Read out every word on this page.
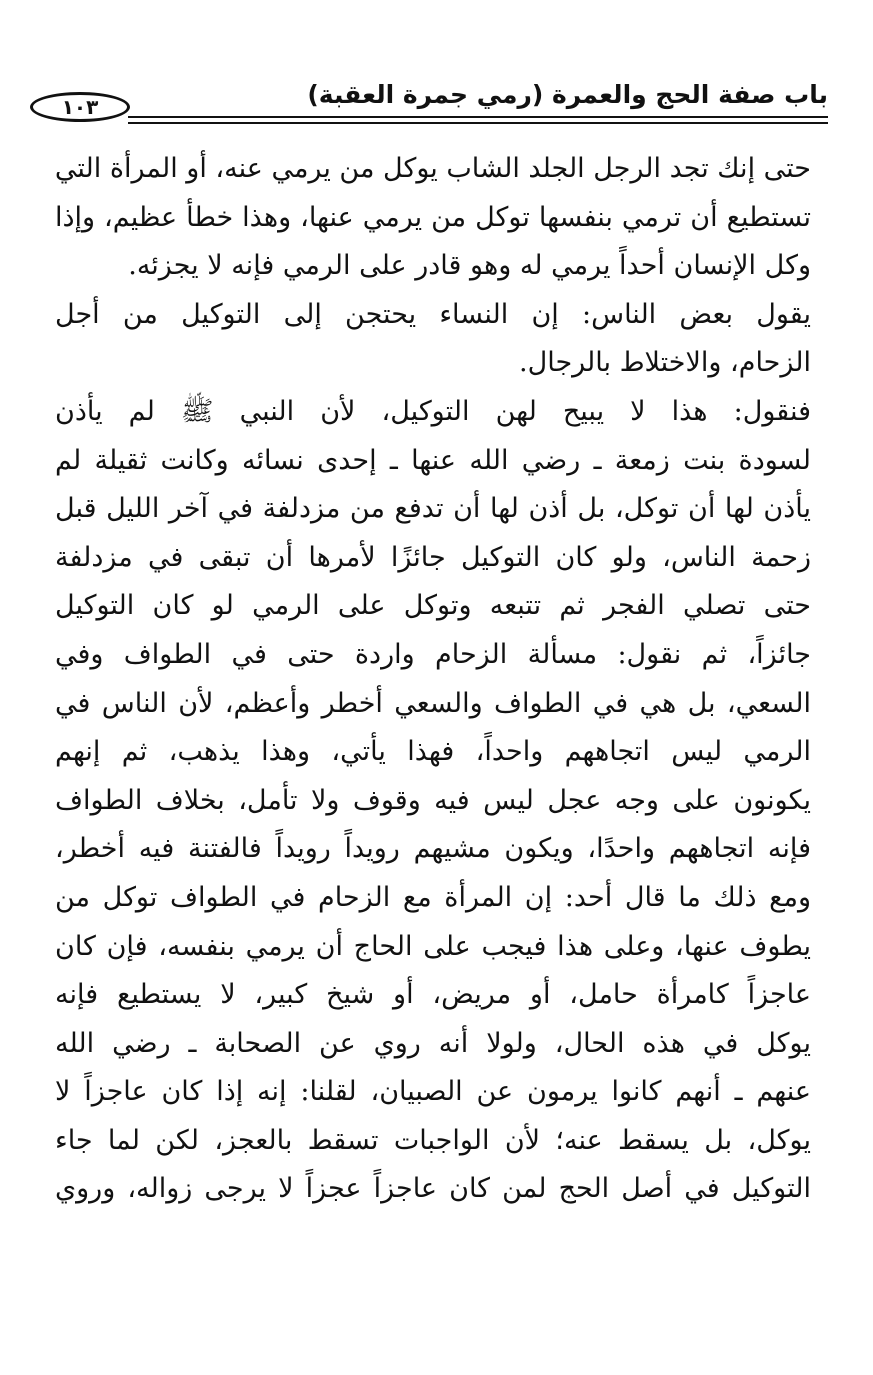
باب صفة الحج والعمرة (رمي جمرة العقبة)
١٠٣
حتى إنك تجد الرجل الجلد الشاب يوكل من يرمي عنه، أو المرأة التي
تستطيع أن ترمي بنفسها توكل من يرمي عنها، وهذا خطأ عظيم، وإذا
وكل الإنسان أحداً يرمي له وهو قادر على الرمي فإنه لا يجزئه.
يقول بعض الناس: إن النساء يحتجن إلى التوكيل من أجل
الزحام، والاختلاط بالرجال.
فنقول: هذا لا يبيح لهن التوكيل، لأن النبي ﷺ لم يأذن
لسودة بنت زمعة ـ رضي الله عنها ـ إحدى نسائه وكانت ثقيلة لم
يأذن لها أن توكل، بل أذن لها أن تدفع من مزدلفة في آخر الليل قبل
زحمة الناس، ولو كان التوكيل جائزًا لأمرها أن تبقى في مزدلفة
حتى تصلي الفجر ثم تتبعه وتوكل على الرمي لو كان التوكيل
جائزاً، ثم نقول: مسألة الزحام واردة حتى في الطواف وفي
السعي، بل هي في الطواف والسعي أخطر وأعظم، لأن الناس في
الرمي ليس اتجاههم واحداً، فهذا يأتي، وهذا يذهب، ثم إنهم
يكونون على وجه عجل ليس فيه وقوف ولا تأمل، بخلاف الطواف
فإنه اتجاههم واحدًا، ويكون مشيهم رويداً رويداً فالفتنة فيه أخطر،
ومع ذلك ما قال أحد: إن المرأة مع الزحام في الطواف توكل من
يطوف عنها، وعلى هذا فيجب على الحاج أن يرمي بنفسه، فإن كان
عاجزاً كامرأة حامل، أو مريض، أو شيخ كبير، لا يستطيع فإنه
يوكل في هذه الحال، ولولا أنه روي عن الصحابة ـ رضي الله
عنهم ـ أنهم كانوا يرمون عن الصبيان، لقلنا: إنه إذا كان عاجزاً لا
يوكل، بل يسقط عنه؛ لأن الواجبات تسقط بالعجز، لكن لما جاء
التوكيل في أصل الحج لمن كان عاجزاً عجزاً لا يرجى زواله، وروي
